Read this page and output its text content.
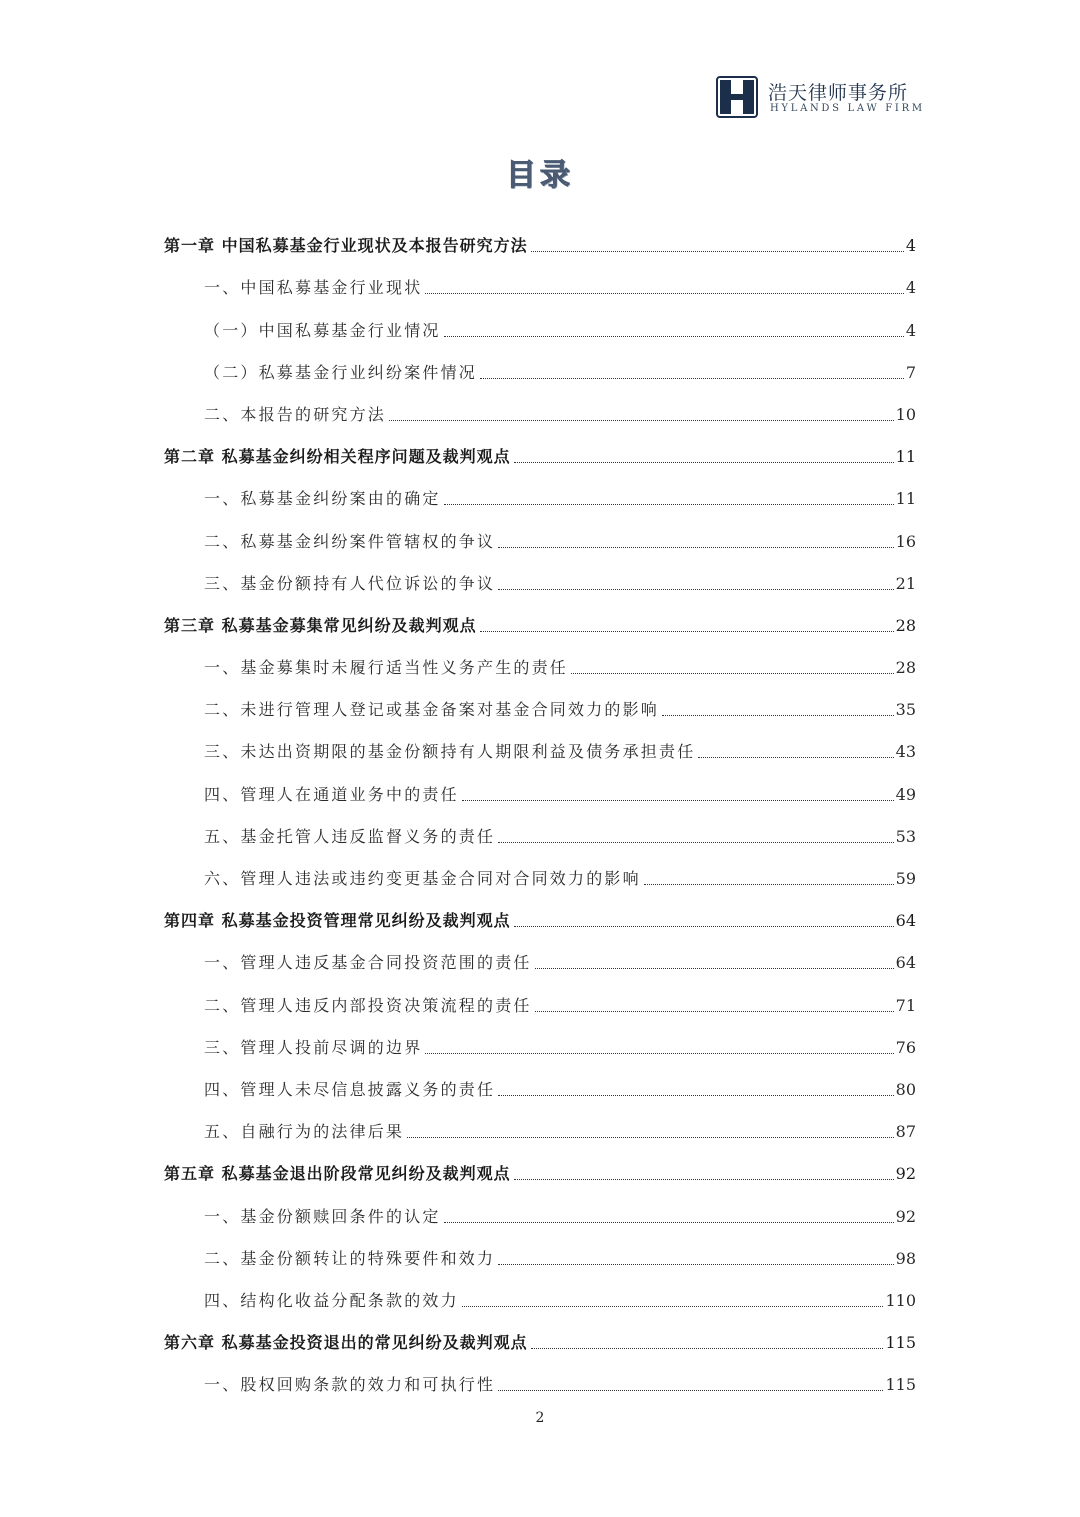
浩天律师事务所
HYLANDS LAW FIRM
目录
第一章 中国私募基金行业现状及本报告研究方法	4
一、中国私募基金行业现状	4
（一）中国私募基金行业情况	4
（二）私募基金行业纠纷案件情况	7
二、本报告的研究方法	10
第二章 私募基金纠纷相关程序问题及裁判观点	11
一、私募基金纠纷案由的确定	11
二、私募基金纠纷案件管辖权的争议	16
三、基金份额持有人代位诉讼的争议	21
第三章 私募基金募集常见纠纷及裁判观点	28
一、基金募集时未履行适当性义务产生的责任	28
二、未进行管理人登记或基金备案对基金合同效力的影响	35
三、未达出资期限的基金份额持有人期限利益及债务承担责任	43
四、管理人在通道业务中的责任	49
五、基金托管人违反监督义务的责任	53
六、管理人违法或违约变更基金合同对合同效力的影响	59
第四章 私募基金投资管理常见纠纷及裁判观点	64
一、管理人违反基金合同投资范围的责任	64
二、管理人违反内部投资决策流程的责任	71
三、管理人投前尽调的边界	76
四、管理人未尽信息披露义务的责任	80
五、自融行为的法律后果	87
第五章 私募基金退出阶段常见纠纷及裁判观点	92
一、基金份额赎回条件的认定	92
二、基金份额转让的特殊要件和效力	98
四、结构化收益分配条款的效力	110
第六章 私募基金投资退出的常见纠纷及裁判观点	115
一、股权回购条款的效力和可执行性	115
2
